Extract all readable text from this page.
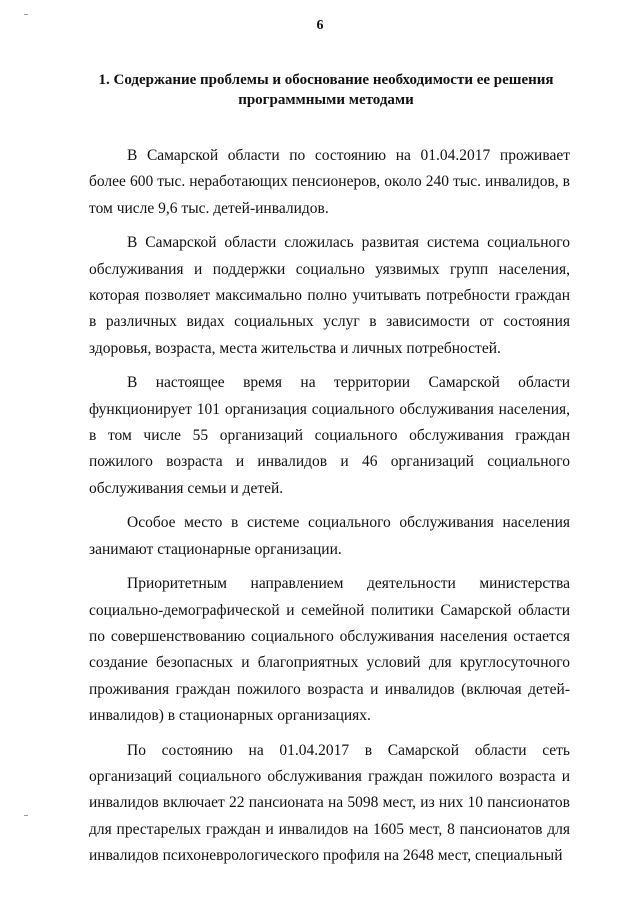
6
1. Содержание проблемы и обоснование необходимости ее решения
программными методами

В Самарской области по состоянию на 01.04.2017 проживает более 600 тыс. неработающих пенсионеров, около 240 тыс. инвалидов, в том числе 9,6 тыс. детей-инвалидов.

В Самарской области сложилась развитая система социального обслуживания и поддержки социально уязвимых групп населения, которая позволяет максимально полно учитывать потребности граждан в различных видах социальных услуг в зависимости от состояния здоровья, возраста, места жительства и личных потребностей.

В настоящее время на территории Самарской области функционирует 101 организация социального обслуживания населения, в том числе 55 организаций социального обслуживания граждан пожилого возраста и инвалидов и 46 организаций социального обслуживания семьи и детей.

Особое место в системе социального обслуживания населения занимают стационарные организации.

Приоритетным направлением деятельности министерства социально-демографической и семейной политики Самарской области по совершенствованию социального обслуживания населения остается создание безопасных и благоприятных условий для круглосуточного проживания граждан пожилого возраста и инвалидов (включая детей-инвалидов) в стационарных организациях.

По состоянию на 01.04.2017 в Самарской области сеть организаций социального обслуживания граждан пожилого возраста и инвалидов включает 22 пансионата на 5098 мест, из них 10 пансионатов для престарелых граждан и инвалидов на 1605 мест, 8 пансионатов для инвалидов психоневрологического профиля на 2648 мест, специальный
